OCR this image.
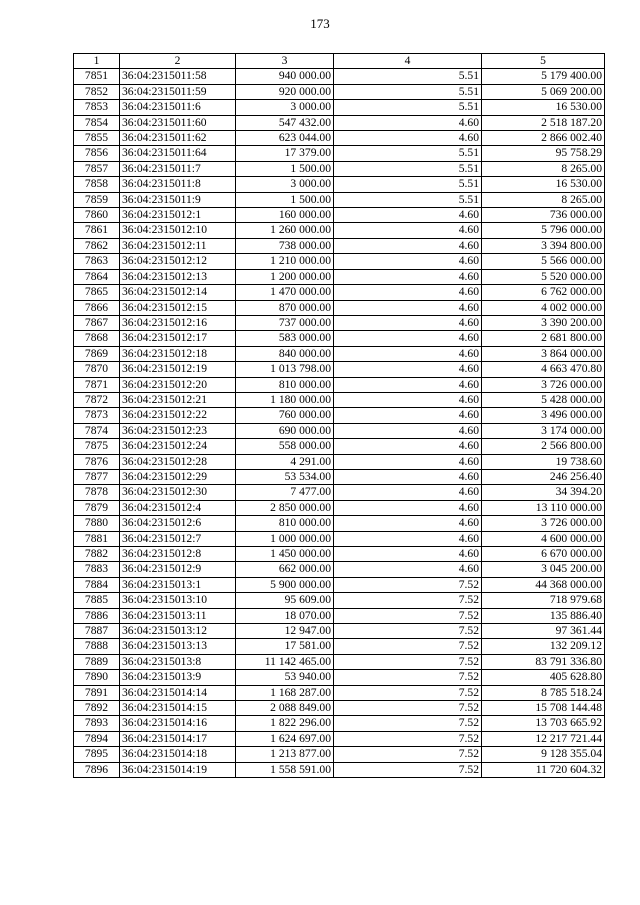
173
1	2	3	4	5
7851	36:04:2315011:58	940 000.00	5.51	5 179 400.00
7852	36:04:2315011:59	920 000.00	5.51	5 069 200.00
7853	36:04:2315011:6	3 000.00	5.51	16 530.00
7854	36:04:2315011:60	547 432.00	4.60	2 518 187.20
7855	36:04:2315011:62	623 044.00	4.60	2 866 002.40
7856	36:04:2315011:64	17 379.00	5.51	95 758.29
7857	36:04:2315011:7	1 500.00	5.51	8 265.00
7858	36:04:2315011:8	3 000.00	5.51	16 530.00
7859	36:04:2315011:9	1 500.00	5.51	8 265.00
7860	36:04:2315012:1	160 000.00	4.60	736 000.00
7861	36:04:2315012:10	1 260 000.00	4.60	5 796 000.00
7862	36:04:2315012:11	738 000.00	4.60	3 394 800.00
7863	36:04:2315012:12	1 210 000.00	4.60	5 566 000.00
7864	36:04:2315012:13	1 200 000.00	4.60	5 520 000.00
7865	36:04:2315012:14	1 470 000.00	4.60	6 762 000.00
7866	36:04:2315012:15	870 000.00	4.60	4 002 000.00
7867	36:04:2315012:16	737 000.00	4.60	3 390 200.00
7868	36:04:2315012:17	583 000.00	4.60	2 681 800.00
7869	36:04:2315012:18	840 000.00	4.60	3 864 000.00
7870	36:04:2315012:19	1 013 798.00	4.60	4 663 470.80
7871	36:04:2315012:20	810 000.00	4.60	3 726 000.00
7872	36:04:2315012:21	1 180 000.00	4.60	5 428 000.00
7873	36:04:2315012:22	760 000.00	4.60	3 496 000.00
7874	36:04:2315012:23	690 000.00	4.60	3 174 000.00
7875	36:04:2315012:24	558 000.00	4.60	2 566 800.00
7876	36:04:2315012:28	4 291.00	4.60	19 738.60
7877	36:04:2315012:29	53 534.00	4.60	246 256.40
7878	36:04:2315012:30	7 477.00	4.60	34 394.20
7879	36:04:2315012:4	2 850 000.00	4.60	13 110 000.00
7880	36:04:2315012:6	810 000.00	4.60	3 726 000.00
7881	36:04:2315012:7	1 000 000.00	4.60	4 600 000.00
7882	36:04:2315012:8	1 450 000.00	4.60	6 670 000.00
7883	36:04:2315012:9	662 000.00	4.60	3 045 200.00
7884	36:04:2315013:1	5 900 000.00	7.52	44 368 000.00
7885	36:04:2315013:10	95 609.00	7.52	718 979.68
7886	36:04:2315013:11	18 070.00	7.52	135 886.40
7887	36:04:2315013:12	12 947.00	7.52	97 361.44
7888	36:04:2315013:13	17 581.00	7.52	132 209.12
7889	36:04:2315013:8	11 142 465.00	7.52	83 791 336.80
7890	36:04:2315013:9	53 940.00	7.52	405 628.80
7891	36:04:2315014:14	1 168 287.00	7.52	8 785 518.24
7892	36:04:2315014:15	2 088 849.00	7.52	15 708 144.48
7893	36:04:2315014:16	1 822 296.00	7.52	13 703 665.92
7894	36:04:2315014:17	1 624 697.00	7.52	12 217 721.44
7895	36:04:2315014:18	1 213 877.00	7.52	9 128 355.04
7896	36:04:2315014:19	1 558 591.00	7.52	11 720 604.32
